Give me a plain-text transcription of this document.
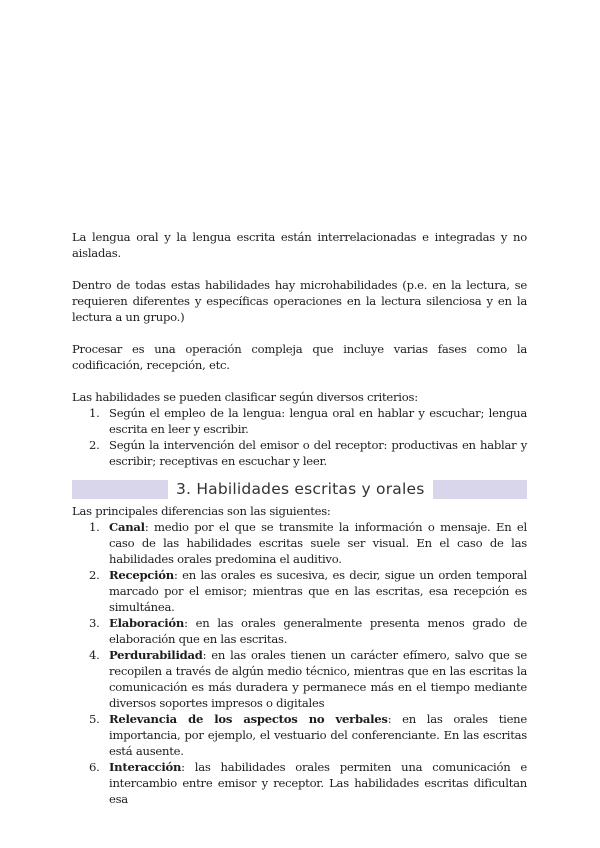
La lengua oral y la lengua escrita están interrelacionadas e integradas y no aisladas.

Dentro de todas estas habilidades hay microhabilidades (p.e. en la lectura, se requieren diferentes y específicas operaciones en la lectura silenciosa y en la lectura a un grupo.)

Procesar es una operación compleja que incluye varias fases como la codificación, recepción, etc.

Las habilidades se pueden clasificar según diversos criterios:

1. Según el empleo de la lengua: lengua oral en hablar y escuchar; lengua escrita en leer y escribir.
2. Según la intervención del emisor o del receptor: productivas en hablar y escribir; receptivas en escuchar y leer.
3. Habilidades escritas y orales

Las principales diferencias son las siguientes:

1. Canal: medio por el que se transmite la información o mensaje. En el caso de las habilidades escritas suele ser visual. En el caso de las habilidades orales predomina el auditivo.
2. Recepción: en las orales es sucesiva, es decir, sigue un orden temporal marcado por el emisor; mientras que en las escritas, esa recepción es simultánea.
3. Elaboración: en las orales generalmente presenta menos grado de elaboración que en las escritas.
4. Perdurabilidad: en las orales tienen un carácter efímero, salvo que se recopilen a través de algún medio técnico, mientras que en las escritas la comunicación es más duradera y permanece más en el tiempo mediante diversos soportes impresos o digitales
5. Relevancia de los aspectos no verbales: en las orales tiene importancia, por ejemplo, el vestuario del conferenciante. En las escritas está ausente.
6. Interacción: las habilidades orales permiten una comunicación e intercambio entre emisor y receptor. Las habilidades escritas dificultan esa
